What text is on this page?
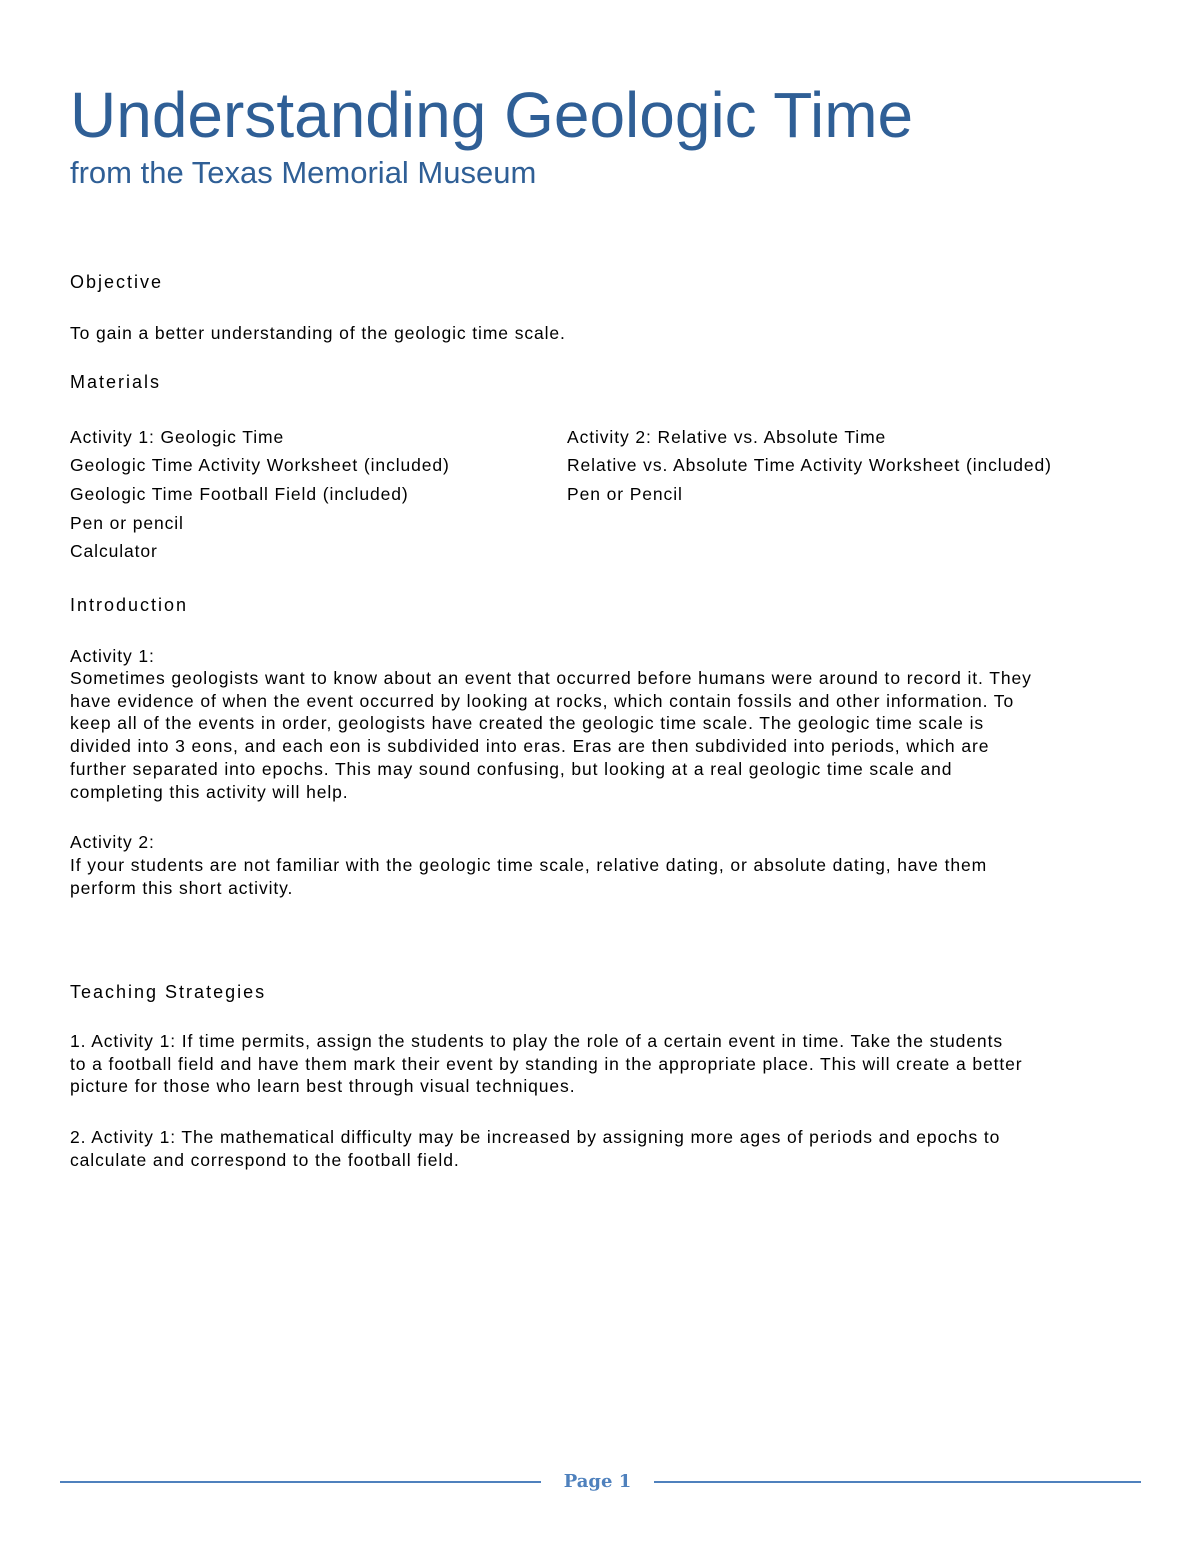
Understanding Geologic Time
from the Texas Memorial Museum
Objective
To gain a better understanding of the geologic time scale.
Materials
Activity 1: Geologic Time
Geologic Time Activity Worksheet (included)
Geologic Time Football Field (included)
Pen or pencil
Calculator
Activity 2: Relative vs. Absolute Time
Relative vs. Absolute Time Activity Worksheet (included)
Pen or Pencil
Introduction
Activity 1:
Sometimes geologists want to know about an event that occurred before humans were around to record it. They
have evidence of when the event occurred by looking at rocks, which contain fossils and other information. To
keep all of the events in order, geologists have created the geologic time scale. The geologic time scale is
divided into 3 eons, and each eon is subdivided into eras. Eras are then subdivided into periods, which are
further separated into epochs. This may sound confusing, but looking at a real geologic time scale and
completing this activity will help.
Activity 2:
If your students are not familiar with the geologic time scale, relative dating, or absolute dating, have them
perform this short activity.
Teaching Strategies
1. Activity 1: If time permits, assign the students to play the role of a certain event in time. Take the students
to a football field and have them mark their event by standing in the appropriate place. This will create a better
picture for those who learn best through visual techniques.
2. Activity 1: The mathematical difficulty may be increased by assigning more ages of periods and epochs to
calculate and correspond to the football field.
Page 1
